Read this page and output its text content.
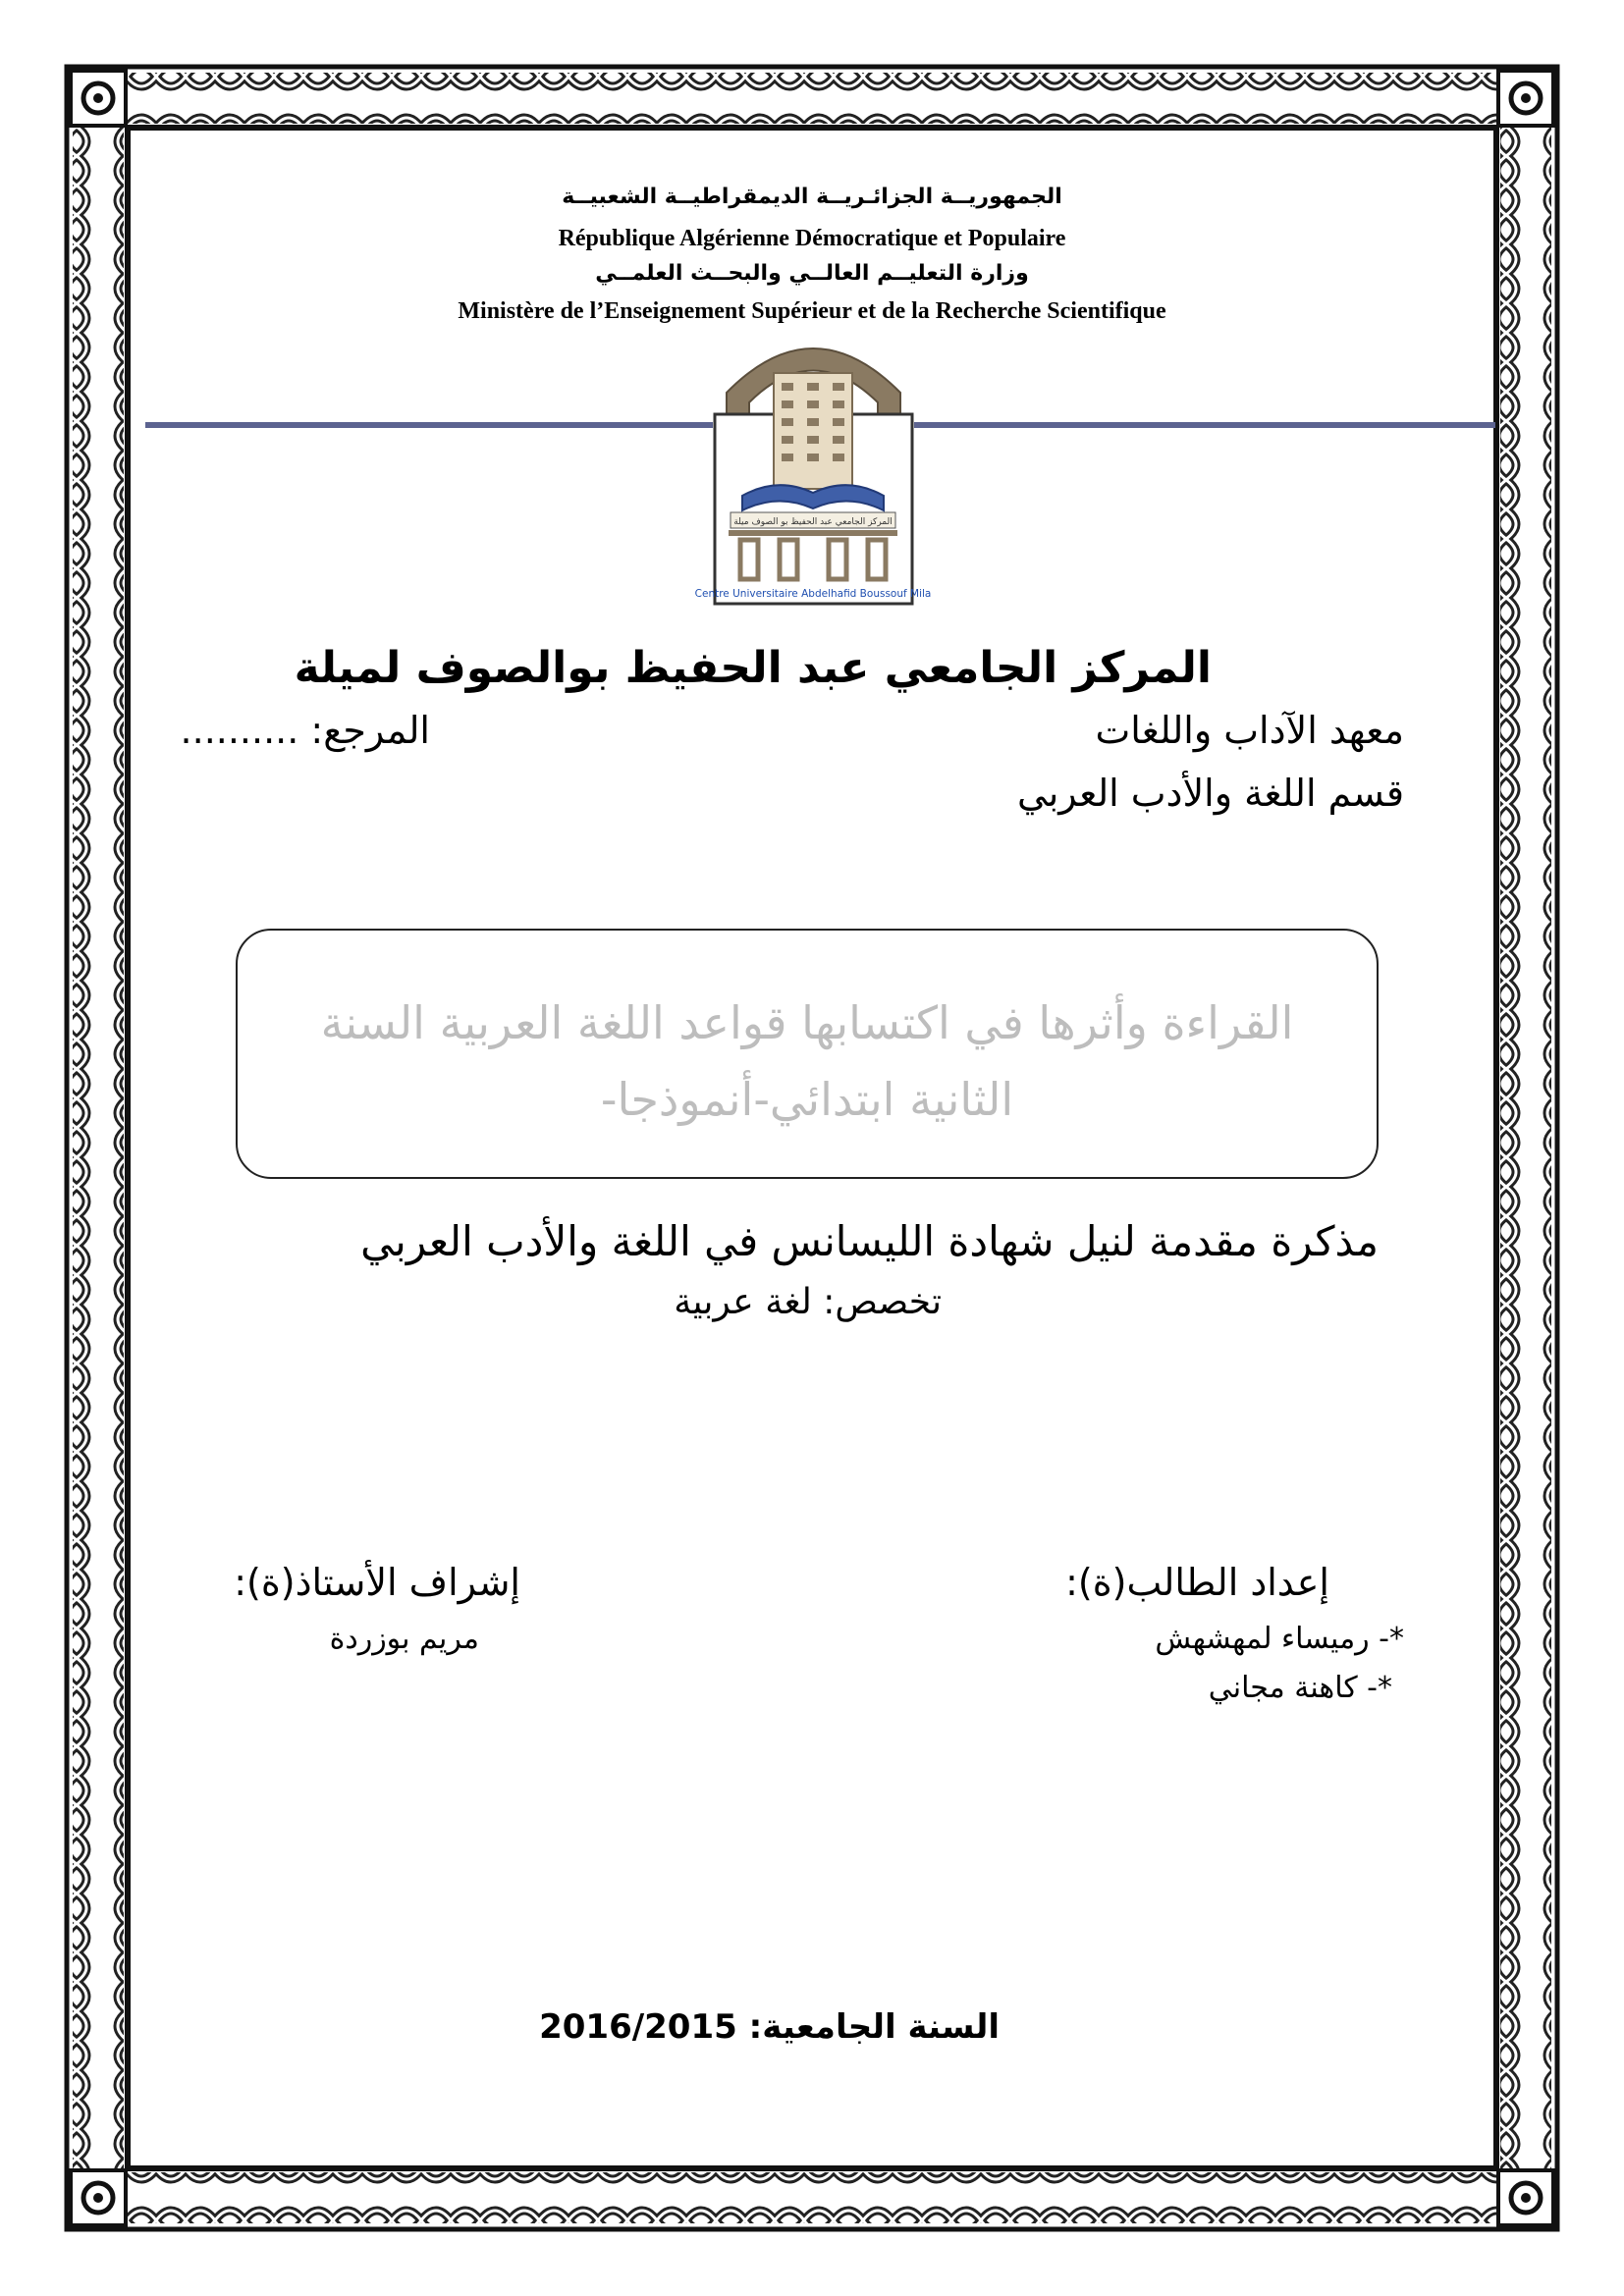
الجمهوريــة الجزائـريــة الديمقراطيــة الشعبيــة
République Algérienne Démocratique et Populaire
وزارة التعليــم العالــي والبحــث العلمــي
Ministère de l’Enseignement Supérieur et de la Recherche Scientifique
المركز الجامعي عبد الحفيظ بو الصوف ميلة
Centre Universitaire Abdelhafid Boussouf Mila
المركز الجامعي عبد الحفيظ بوالصوف لميلة
معهد الآداب واللغات
المرجع: ..........
قسم اللغة والأدب العربي
القراءة وأثرها في اكتسابها قواعد اللغة العربية السنة
الثانية ابتدائي-أنموذجا-
مذكرة مقدمة لنيل شهادة الليسانس في اللغة والأدب العربي
تخصص: لغة عربية
إعداد الطالب(ة):
*- رميساء لمهشهش
*- كاهنة مجاني
إشراف الأستاذ(ة):
مريم بوزردة
السنة الجامعية: 2016/2015
